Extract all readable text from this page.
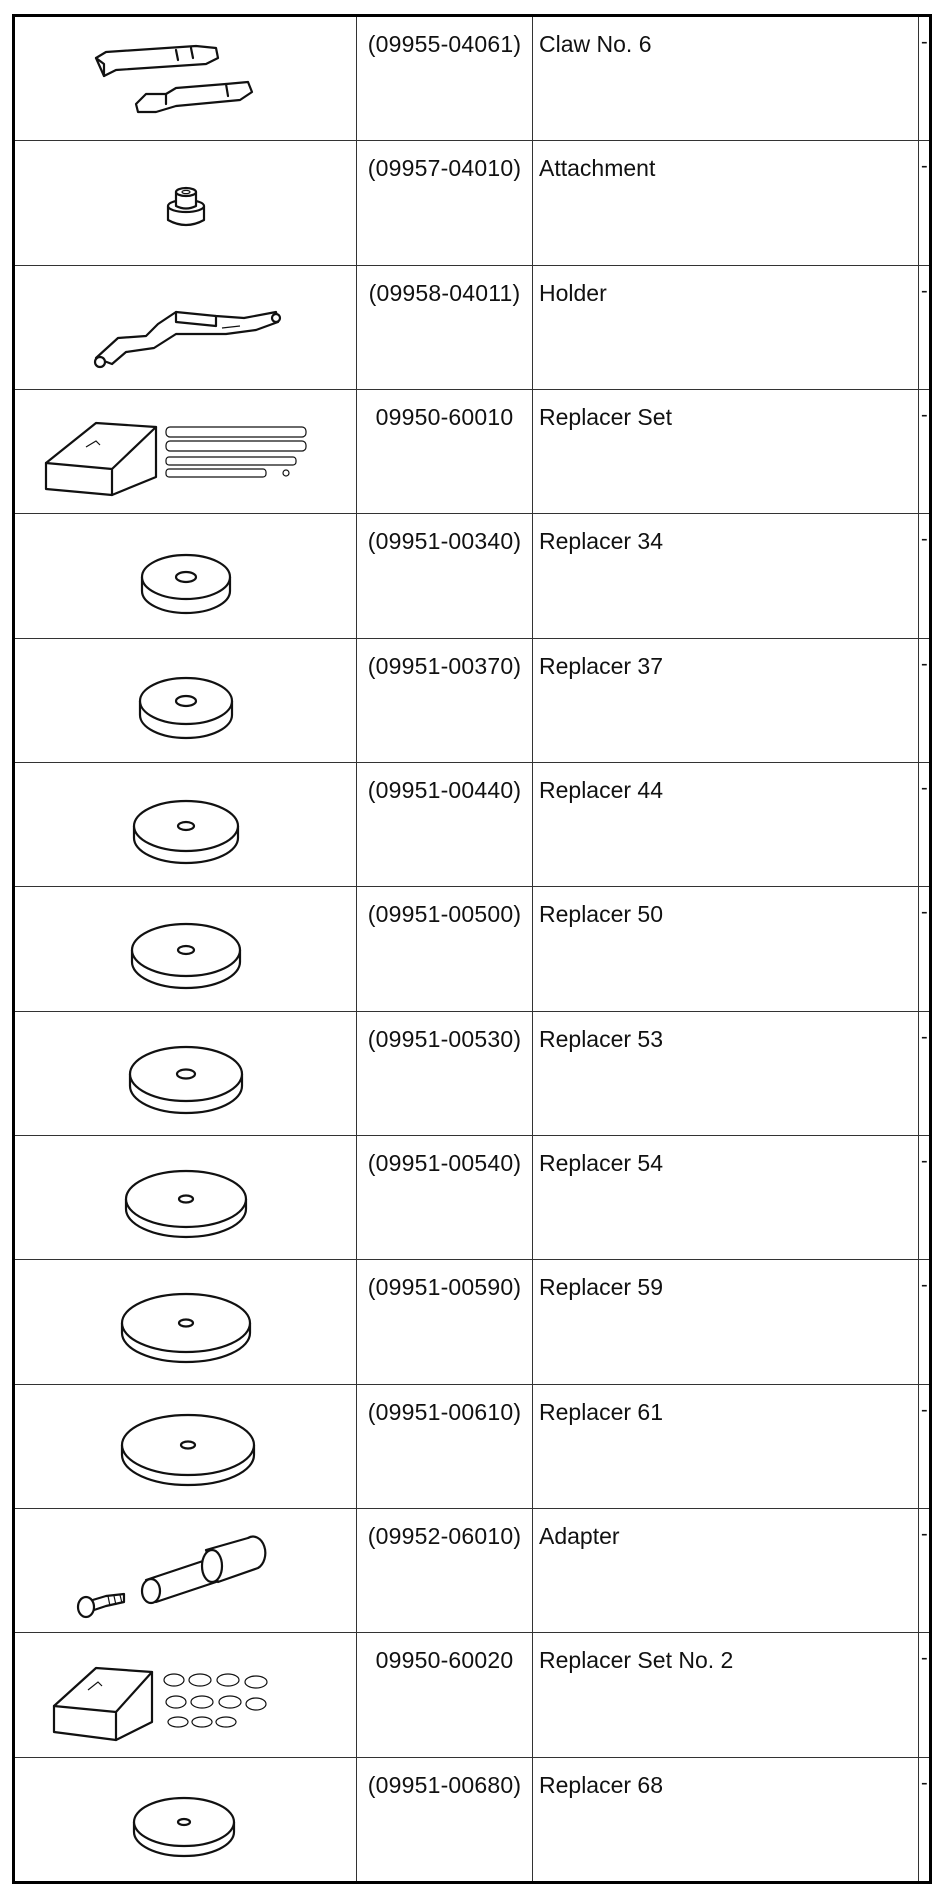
(09955-04061) Claw No. 6	-
(09957-04010) Attachment	-
(09958-04011) Holder	-
09950-60010	Replacer Set	-
(09951-00340) Replacer 34	-
(09951-00370) Replacer 37	-
(09951-00440) Replacer 44	-
(09951-00500) Replacer 50	-
(09951-00530) Replacer 53	-
(09951-00540) Replacer 54	-
(09951-00590) Replacer 59	-
(09951-00610) Replacer 61	-
(09952-06010) Adapter	-
09950-60020	Replacer Set No. 2	-
(09951-00680) Replacer 68	-
